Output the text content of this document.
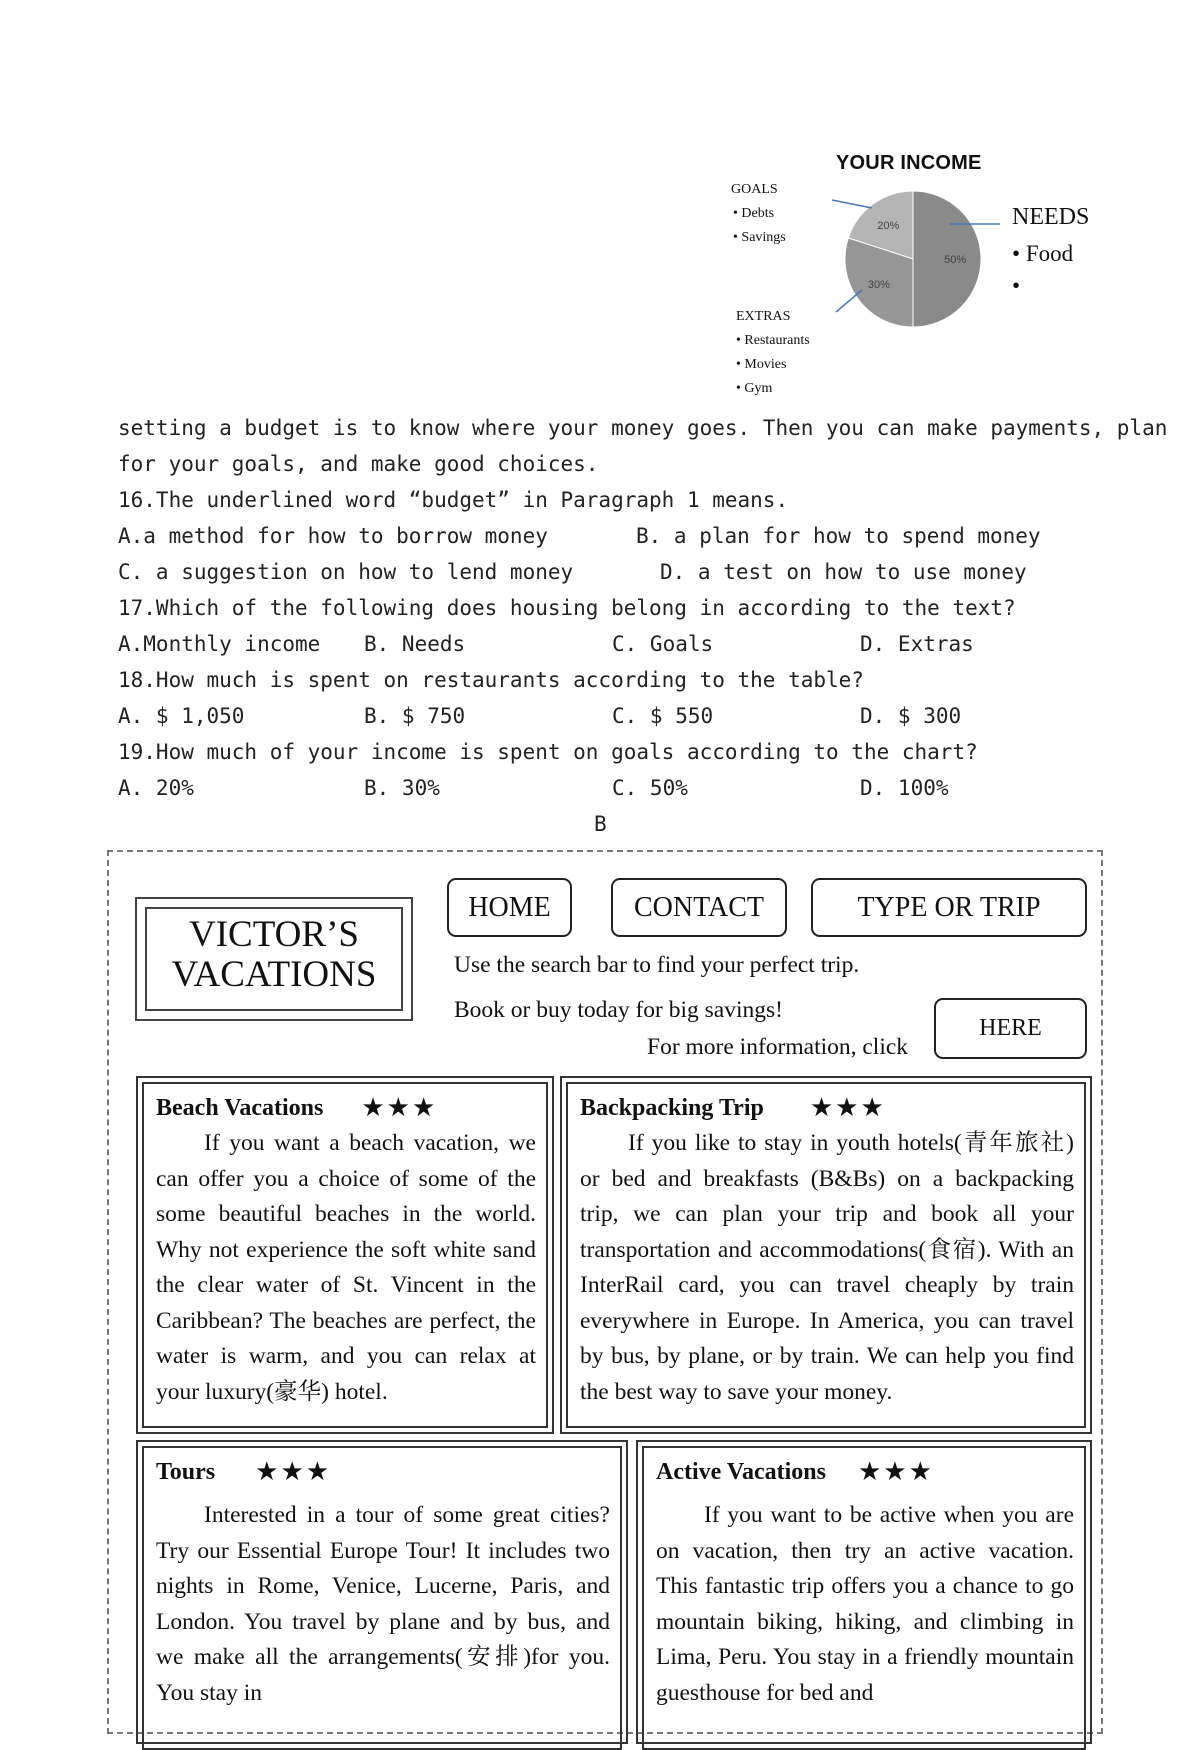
YOUR INCOME
20%
30%
50%
GOALS
• Debts
• Savings
NEEDS
• Food
•
EXTRAS
• Restaurants
• Movies
• Gym
setting a budget is to know where your money goes. Then you can make payments, plan
for your goals, and make good choices.
16.The underlined word “budget” in Paragraph 1 means.
A.a method for how to borrow money	B. a plan for how to spend money
C. a suggestion on how to lend money	D. a test on how to use money
17.Which of the following does housing belong in according to the text?
A.Monthly income B. Needs	C. Goals	D. Extras
18.How much is spent on restaurants according to the table?
A. $ 1,050	B. $ 750	C. $ 550	D. $ 300
19.How much of your income is spent on goals according to the chart?
A. 20%	B. 30%	C. 50%	D. 100%
B
VICTOR’S
VACATIONS
HOME	CONTACT	TYPE OR TRIP
Use the search bar to find your perfect trip.
Book or buy today for big savings!
For more information, click
HERE
Beach Vacations ★★★
If you want a beach vacation, we can offer you a choice of some of the some beautiful beaches in the world. Why not experience the soft white sand the clear water of St. Vincent in the Caribbean? The beaches are perfect, the water is warm, and you can relax at your luxury(豪华) hotel.
Backpacking Trip ★★★
If you like to stay in youth hotels(青年旅社) or bed and breakfasts (B&Bs) on a backpacking trip, we can plan your trip and book all your transportation and accommodations(食宿). With an InterRail card, you can travel cheaply by train everywhere in Europe. In America, you can travel by bus, by plane, or by train. We can help you find the best way to save your money.
Tours ★★★
Interested in a tour of some great cities? Try our Essential Europe Tour! It includes two nights in Rome, Venice, Lucerne, Paris, and London. You travel by plane and by bus, and we make all the arrangements(安排)for you. You stay in
Active Vacations ★★★
If you want to be active when you are on vacation, then try an active vacation. This fantastic trip offers you a chance to go mountain biking, hiking, and climbing in Lima, Peru. You stay in a friendly mountain guesthouse for bed and
